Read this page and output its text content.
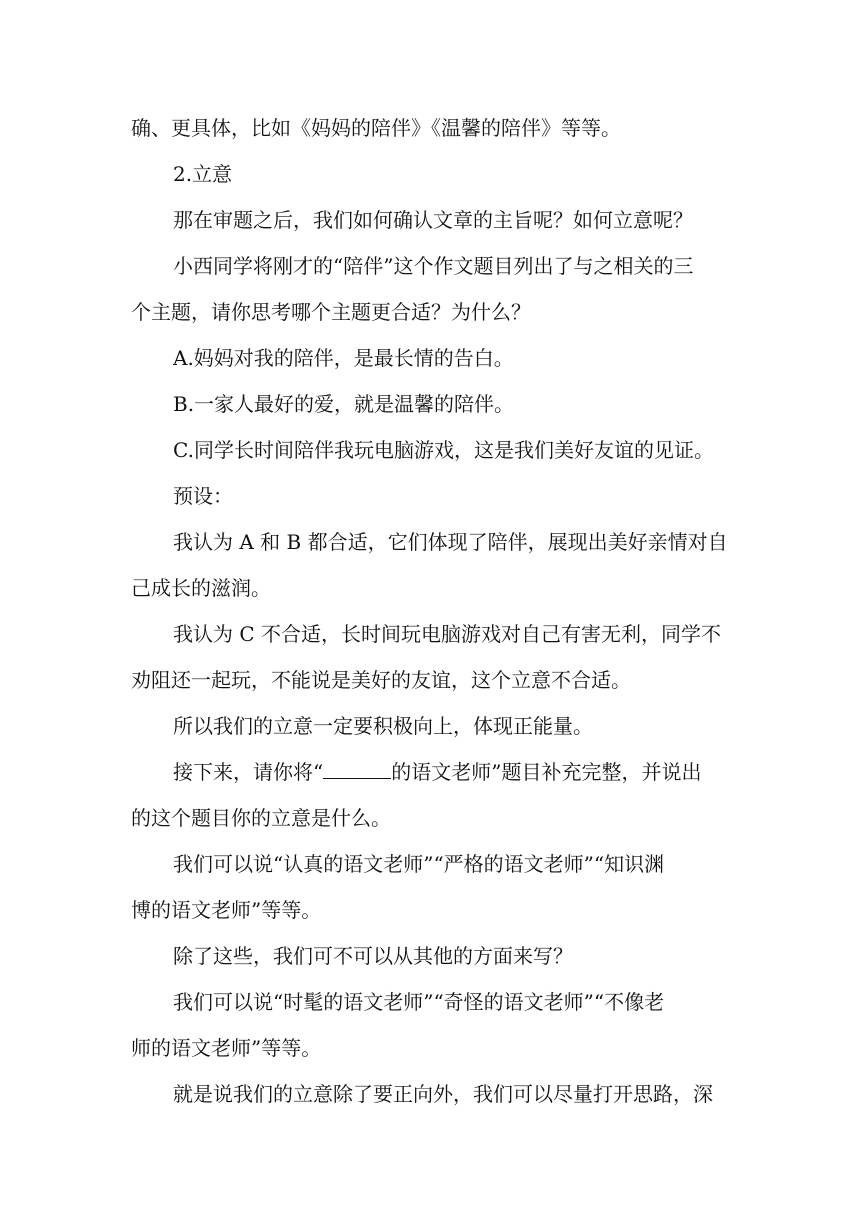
确、更具体，比如《妈妈的陪伴》《温馨的陪伴》等等。
2.立意
那在审题之后，我们如何确认文章的主旨呢？如何立意呢？
小西同学将刚才的“陪伴”这个作文题目列出了与之相关的三
个主题，请你思考哪个主题更合适？为什么？
A.妈妈对我的陪伴，是最长情的告白。
B.一家人最好的爱，就是温馨的陪伴。
C.同学长时间陪伴我玩电脑游戏，这是我们美好友谊的见证。
预设：
我认为 A 和 B 都合适，它们体现了陪伴，展现出美好亲情对自
己成长的滋润。
我认为 C 不合适，长时间玩电脑游戏对自己有害无利，同学不
劝阻还一起玩，不能说是美好的友谊，这个立意不合适。
所以我们的立意一定要积极向上，体现正能量。
接下来，请你将“	的语文老师”题目补充完整，并说出
的这个题目你的立意是什么。
我们可以说“认真的语文老师”“严格的语文老师”“知识渊
博的语文老师”等等。
除了这些，我们可不可以从其他的方面来写？
我们可以说“时髦的语文老师”“奇怪的语文老师”“不像老
师的语文老师”等等。
就是说我们的立意除了要正向外，我们可以尽量打开思路，深
